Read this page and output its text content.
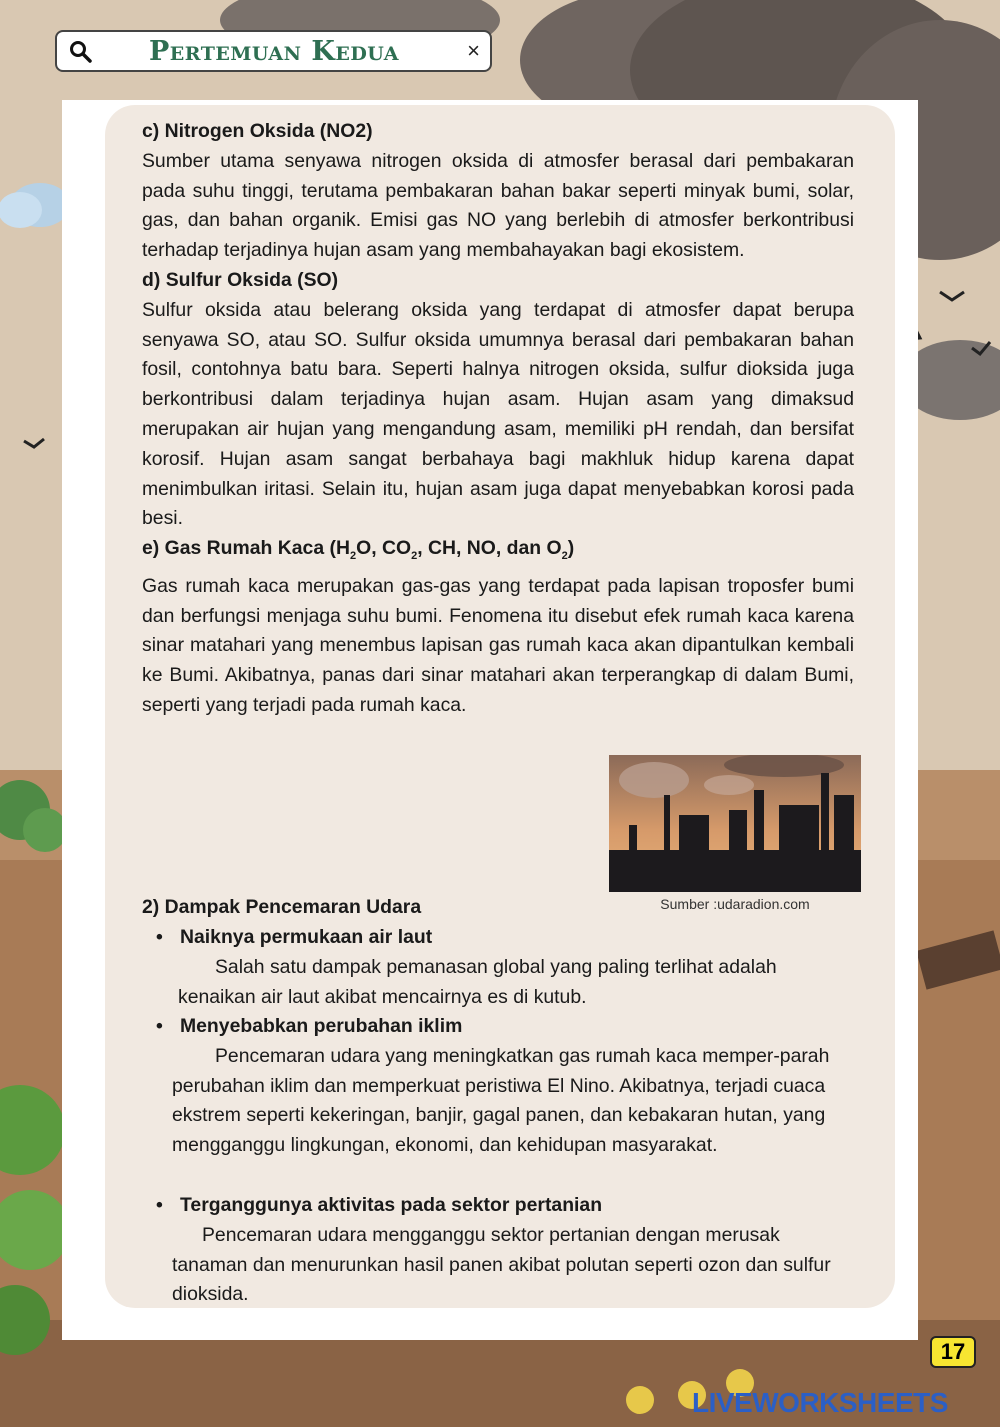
Pertemuan Kedua	×

c) Nitrogen Oksida (NO2)

Sumber utama senyawa nitrogen oksida di atmosfer berasal dari pembakaran pada suhu tinggi, terutama pembakaran bahan bakar seperti minyak bumi, solar, gas, dan bahan organik. Emisi gas NO yang berlebih di atmosfer berkontribusi terhadap terjadinya hujan asam yang membahayakan bagi ekosistem.

d) Sulfur Oksida (SO)

Sulfur oksida atau belerang oksida yang terdapat di atmosfer dapat berupa senyawa SO, atau SO. Sulfur oksida umumnya berasal dari pembakaran bahan fosil, contohnya batu bara. Seperti halnya nitrogen oksida, sulfur dioksida juga berkontribusi dalam terjadinya hujan asam. Hujan asam yang dimaksud merupakan air hujan yang mengandung asam, memiliki pH rendah, dan bersifat korosif. Hujan asam sangat berbahaya bagi makhluk hidup karena dapat menimbulkan iritasi. Selain itu, hujan asam juga dapat menyebabkan korosi pada besi.

e) Gas Rumah Kaca ($H_2O$, $CO_2$, CH, NO, dan $O_2$)

Gas rumah kaca merupakan gas-gas yang terdapat pada lapisan troposfer bumi dan berfungsi menjaga suhu bumi. Fenomena itu disebut efek rumah kaca karena sinar matahari yang menembus lapisan gas rumah kaca akan dipantulkan kembali ke Bumi. Akibatnya, panas dari sinar matahari akan terperangkap di dalam Bumi, seperti yang terjadi pada rumah kaca.

Sumber :udaradion.com

2) Dampak Pencemaran Udara

• Naiknya permukaan air laut
Salah satu dampak pemanasan global yang paling terlihat adalah kenaikan air laut akibat mencairnya es di kutub.
• Menyebabkan perubahan iklim
Pencemaran udara yang meningkatkan gas rumah kaca memper-parah perubahan iklim dan memperkuat peristiwa El Nino. Akibatnya, terjadi cuaca ekstrem seperti kekeringan, banjir, gagal panen, dan kebakaran hutan, yang mengganggu lingkungan, ekonomi, dan kehidupan masyarakat.
• Terganggunya aktivitas pada sektor pertanian
Pencemaran udara mengganggu sektor pertanian dengan merusak tanaman dan menurunkan hasil panen akibat polutan seperti ozon dan sulfur dioksida.
17
LIVEWORKSHEETS
